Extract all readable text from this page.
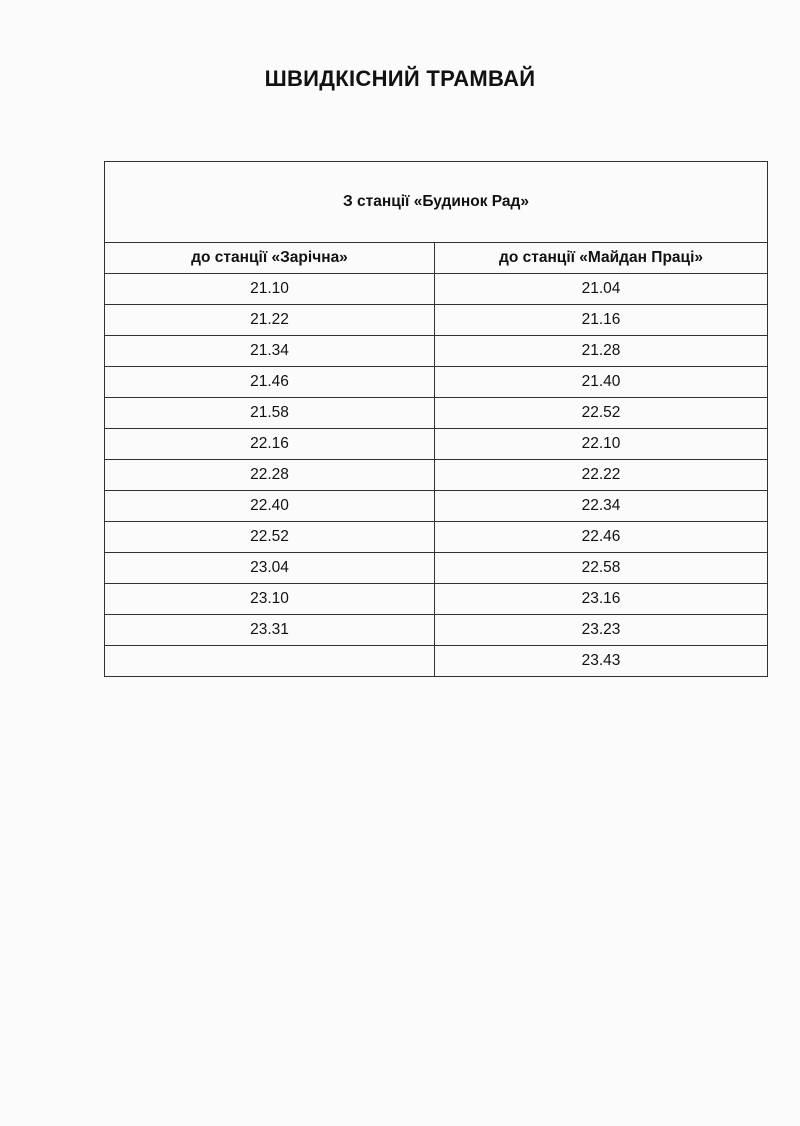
ШВИДКІСНИЙ ТРАМВАЙ
З станції «Будинок Рад»	
до станції «Зарічна»	до станції «Майдан Праці»
21.10	21.04
21.22	21.16
21.34	21.28
21.46	21.40
21.58	22.52
22.16	22.10
22.28	22.22
22.40	22.34
22.52	22.46
23.04	22.58
23.10	23.16
23.31	23.23
	23.43
